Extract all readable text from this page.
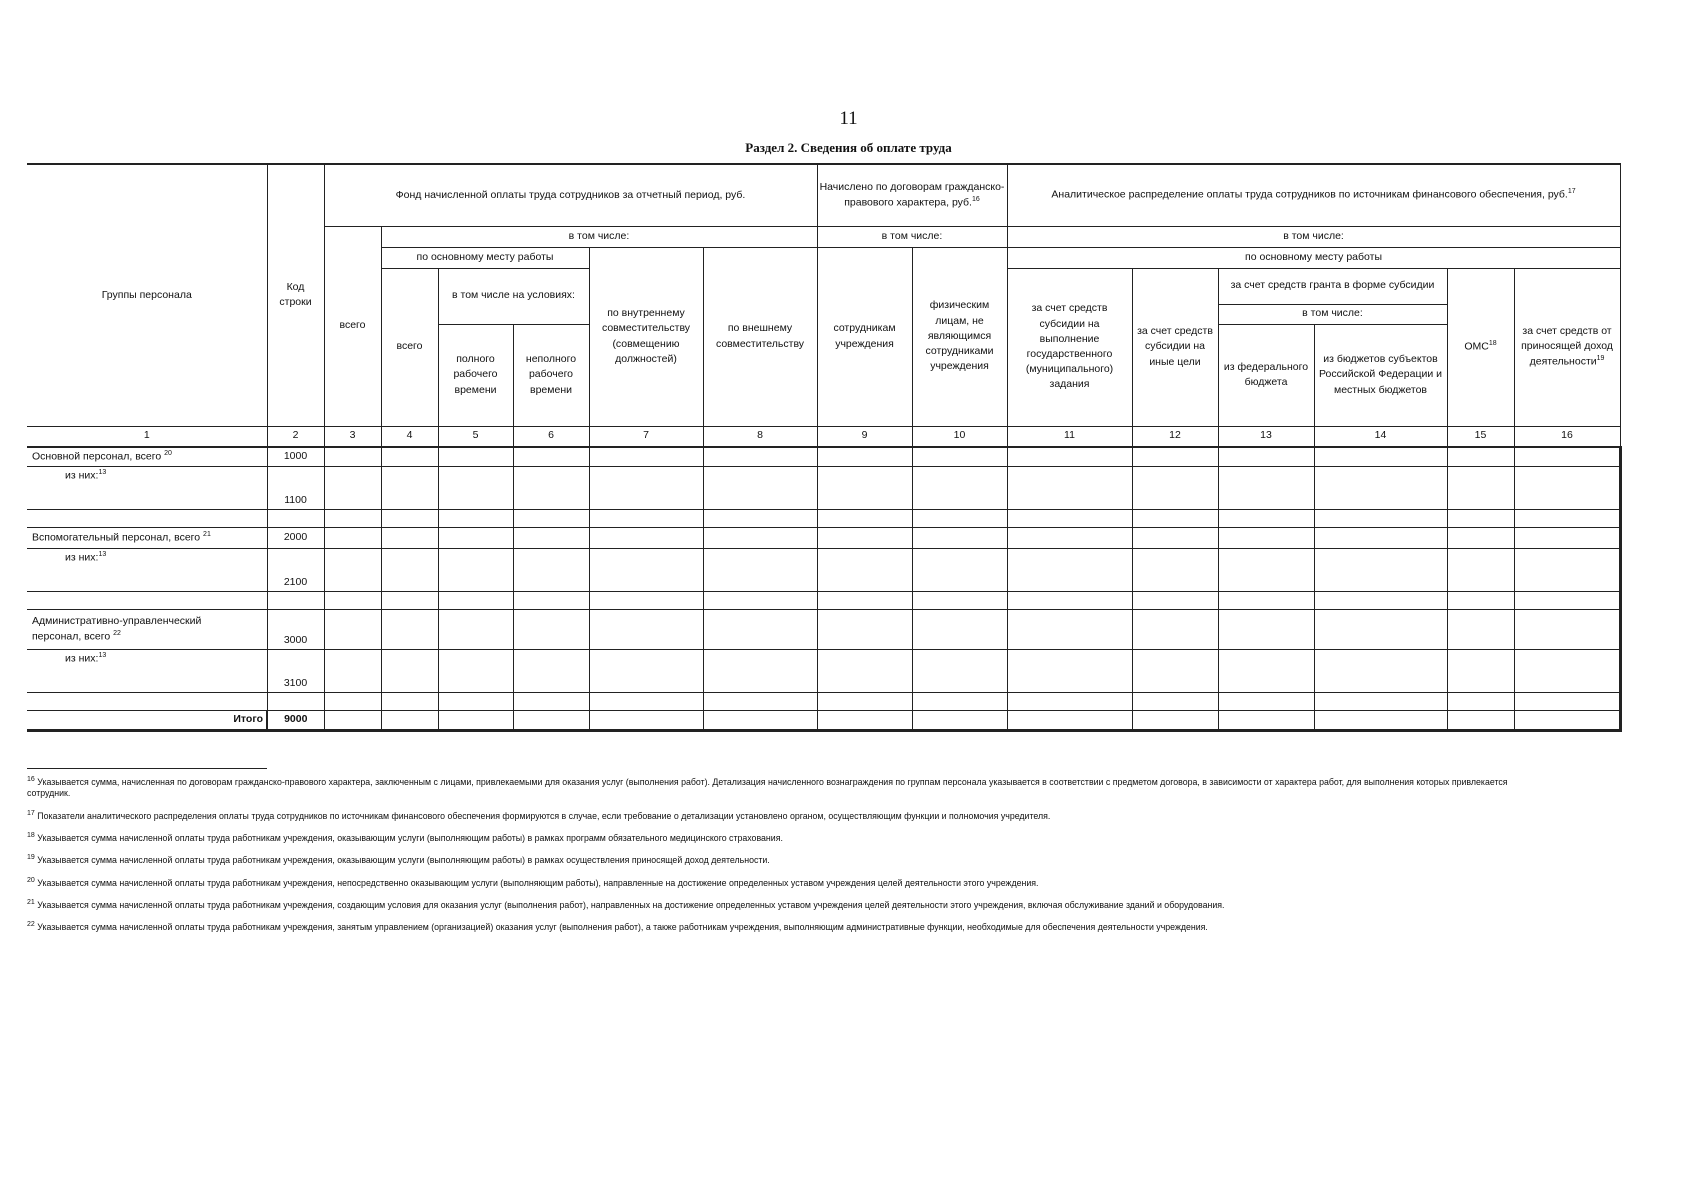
11
Раздел 2. Сведения об оплате труда
Группы персонала	Код строки	Фонд начисленной оплаты труда сотрудников за отчетный период, руб.						Начислено по договорам гражданско-правового характера, руб.$^{16}$		Аналитическое распределение оплаты труда сотрудников по источникам финансового обеспечения, руб.$^{17}$
		всего	в том числе:					в том числе:		в том числе:					
			по основному месту работы			по внутреннему совместительству (совмещению должностей)	по внешнему совместительству	сотрудникам учреждения	физическим лицам, не являющимся сотрудниками учреждения	по основному месту работы					
			всего	в том числе на условиях:						за счет средств субсидии на выполнение государственного (муниципального) задания	за счет средств субсидии на иные цели	за счет средств гранта в форме субсидии		ОМС$^{18}$	за счет средств от приносящей доход деятельности$^{19}$
												в том числе:			
				полного рабочего времени	неполного рабочего времени							из федерального бюджета	из бюджетов субъектов Российской Федерации и местных бюджетов		
1	2	3	4	5	6	7	8	9	10	11	12	13	14	15	16
Основной персонал, всего $^{20}$	1000														
из них:$^{13}$	1100														

Вспомогательный персонал, всего $^{21}$	2000														
из них:$^{13}$	2100														

Административно-управленческий
персонал, всего $^{22}$	3000														
из них:$^{13}$	3100														

Итого	9000														
$^{16}$ Указывается сумма, начисленная по договорам гражданско-правового характера, заключенным с лицами, привлекаемыми для оказания услуг (выполнения работ). Детализация начисленного вознаграждения по группам персонала указывается в соответствии с предметом договора, в зависимости от характера работ, для выполнения которых привлекается сотрудник.
$^{17}$ Показатели аналитического распределения оплаты труда сотрудников по источникам финансового обеспечения формируются в случае, если требование о детализации установлено органом, осуществляющим функции и полномочия учредителя.
$^{18}$ Указывается сумма начисленной оплаты труда работникам учреждения, оказывающим услуги (выполняющим работы) в рамках программ обязательного медицинского страхования.
$^{19}$ Указывается сумма начисленной оплаты труда работникам учреждения, оказывающим услуги (выполняющим работы) в рамках осуществления приносящей доход деятельности.
$^{20}$ Указывается сумма начисленной оплаты труда работникам учреждения, непосредственно оказывающим услуги (выполняющим работы), направленные на достижение определенных уставом учреждения целей деятельности этого учреждения.
$^{21}$ Указывается сумма начисленной оплаты труда работникам учреждения, создающим условия для оказания услуг (выполнения работ), направленных на достижение определенных уставом учреждения целей деятельности этого учреждения, включая обслуживание зданий и оборудования.
$^{22}$ Указывается сумма начисленной оплаты труда работникам учреждения, занятым управлением (организацией) оказания услуг (выполнения работ), а также работникам учреждения, выполняющим административные функции, необходимые для обеспечения деятельности учреждения.
